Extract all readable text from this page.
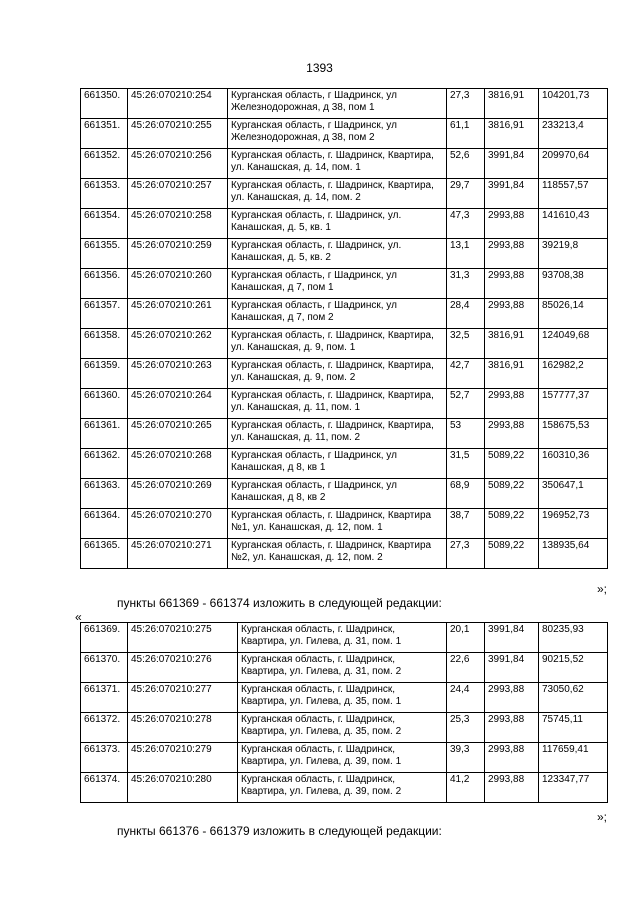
1393
661350.	45:26:070210:254	Курганская область, г Шадринск, ул Железнодорожная, д 38, пом 1	27,3	3816,91	104201,73
661351.	45:26:070210:255	Курганская область, г Шадринск, ул Железнодорожная, д 38, пом 2	61,1	3816,91	233213,4
661352.	45:26:070210:256	Курганская область, г. Шадринск, Квартира, ул. Канашская, д. 14, пом. 1	52,6	3991,84	209970,64
661353.	45:26:070210:257	Курганская область, г. Шадринск, Квартира, ул. Канашская, д. 14, пом. 2	29,7	3991,84	118557,57
661354.	45:26:070210:258	Курганская область, г. Шадринск, ул. Канашская, д. 5, кв. 1	47,3	2993,88	141610,43
661355.	45:26:070210:259	Курганская область, г. Шадринск, ул. Канашская, д. 5, кв. 2	13,1	2993,88	39219,8
661356.	45:26:070210:260	Курганская область, г Шадринск, ул Канашская, д 7, пом 1	31,3	2993,88	93708,38
661357.	45:26:070210:261	Курганская область, г Шадринск, ул Канашская, д 7, пом 2	28,4	2993,88	85026,14
661358.	45:26:070210:262	Курганская область, г. Шадринск, Квартира, ул. Канашская, д. 9, пом. 1	32,5	3816,91	124049,68
661359.	45:26:070210:263	Курганская область, г. Шадринск, Квартира, ул. Канашская, д. 9, пом. 2	42,7	3816,91	162982,2
661360.	45:26:070210:264	Курганская область, г. Шадринск, Квартира, ул. Канашская, д. 11, пом. 1	52,7	2993,88	157777,37
661361.	45:26:070210:265	Курганская область, г. Шадринск, Квартира, ул. Канашская, д. 11, пом. 2	53	2993,88	158675,53
661362.	45:26:070210:268	Курганская область, г Шадринск, ул Канашская, д 8, кв 1	31,5	5089,22	160310,36
661363.	45:26:070210:269	Курганская область, г Шадринск, ул Канашская, д 8, кв 2	68,9	5089,22	350647,1
661364.	45:26:070210:270	Курганская область, г. Шадринск, Квартира №1, ул. Канашская, д. 12, пом. 1	38,7	5089,22	196952,73
661365.	45:26:070210:271	Курганская область, г. Шадринск, Квартира №2, ул. Канашская, д. 12, пом. 2	27,3	5089,22	138935,64
»;
пункты 661369 - 661374 изложить в следующей редакции:
«
661369.	45:26:070210:275	Курганская область, г. Шадринск, Квартира, ул. Гилева, д. 31, пом. 1	20,1	3991,84	80235,93
661370.	45:26:070210:276	Курганская область, г. Шадринск, Квартира, ул. Гилева, д. 31, пом. 2	22,6	3991,84	90215,52
661371.	45:26:070210:277	Курганская область, г. Шадринск, Квартира, ул. Гилева, д. 35, пом. 1	24,4	2993,88	73050,62
661372.	45:26:070210:278	Курганская область, г. Шадринск, Квартира, ул. Гилева, д. 35, пом. 2	25,3	2993,88	75745,11
661373.	45:26:070210:279	Курганская область, г. Шадринск, Квартира, ул. Гилева, д. 39, пом. 1	39,3	2993,88	117659,41
661374.	45:26:070210:280	Курганская область, г. Шадринск, Квартира, ул. Гилева, д. 39, пом. 2	41,2	2993,88	123347,77
»;
пункты 661376 - 661379 изложить в следующей редакции:
